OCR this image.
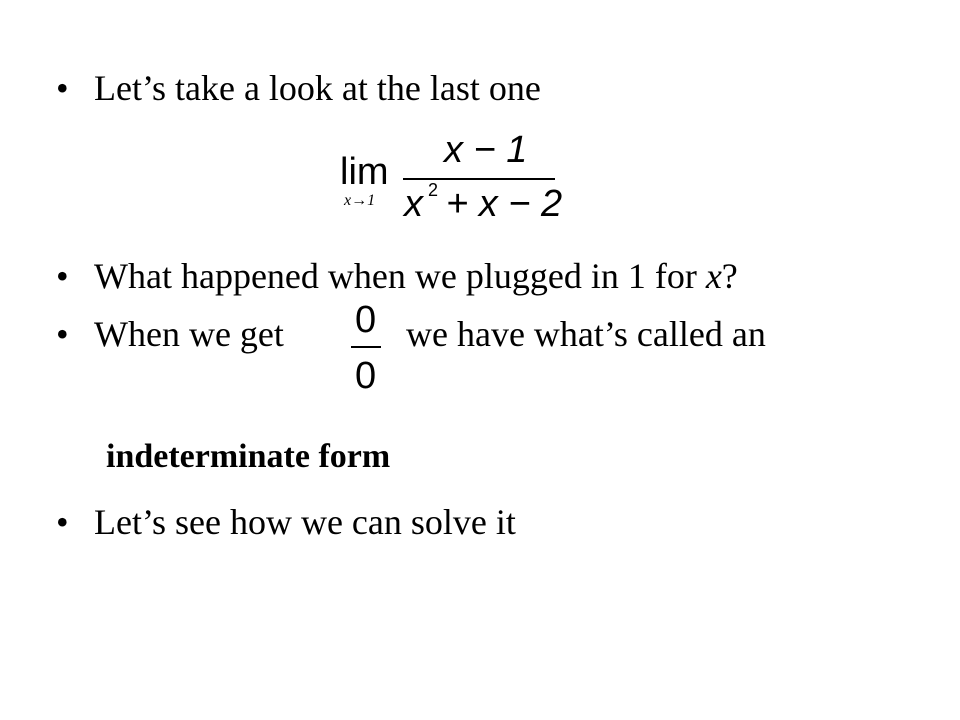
• Let’s take a look at the last one
lim
x→1
x − 1
x 2 + x − 2
• What happened when we plugged in 1 for x?
• When we get	we have what’s called an
0
0
indeterminate form
• Let’s see how we can solve it
